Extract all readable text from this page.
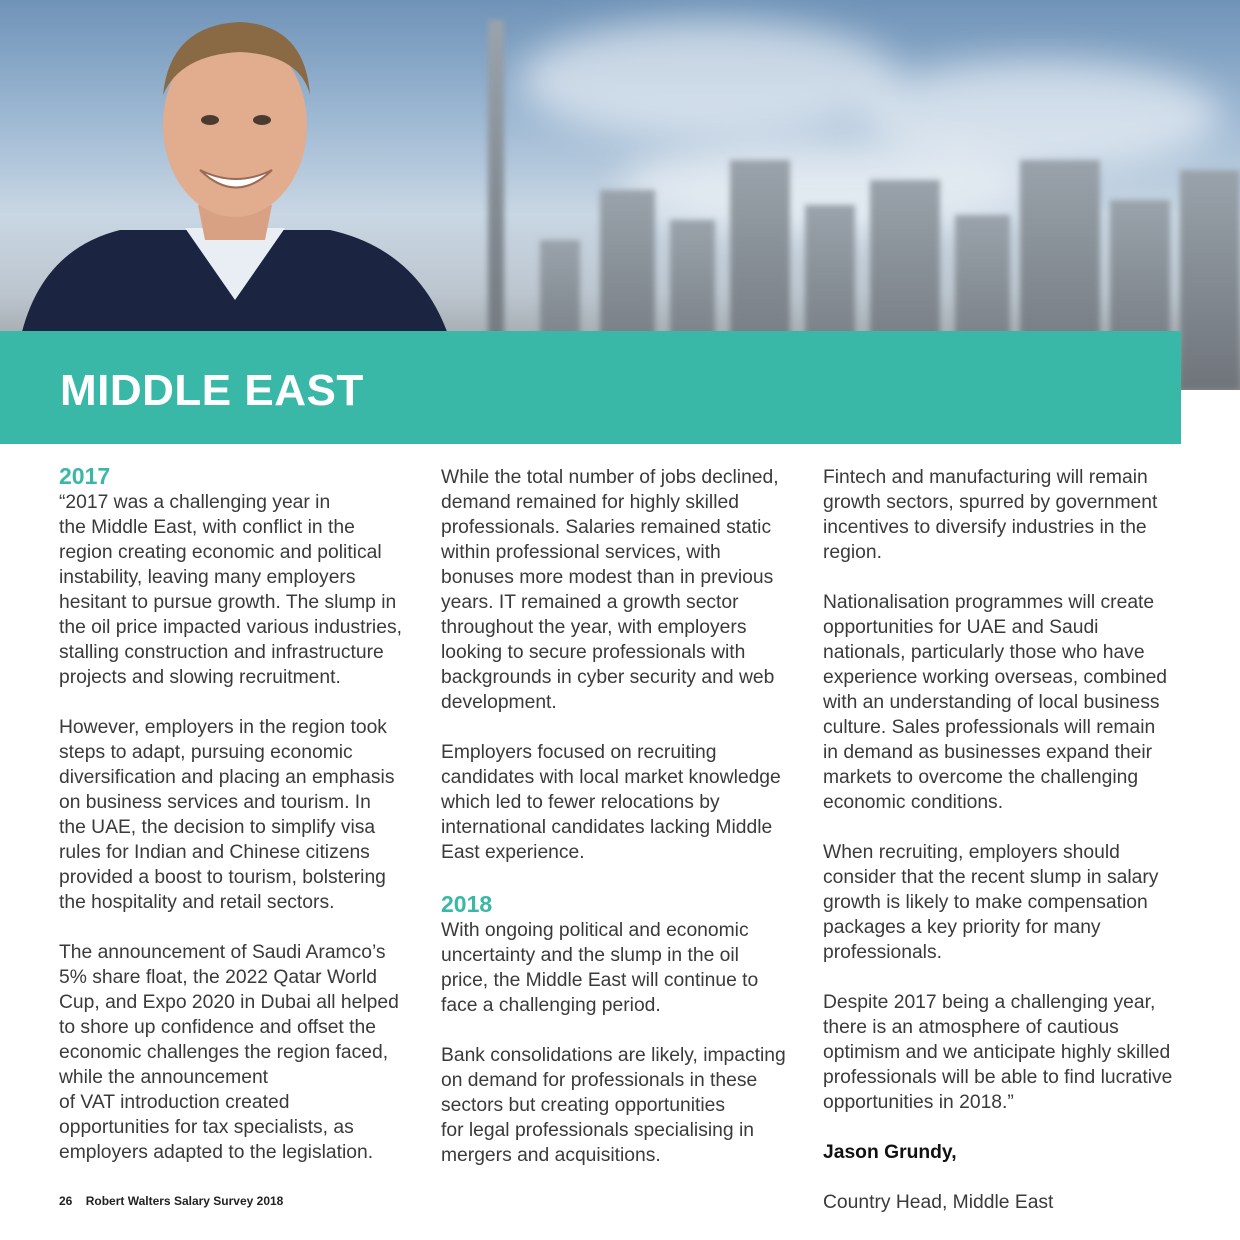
MIDDLE EAST
2017

“2017 was a challenging year in
the Middle East, with conflict in the
region creating economic and political
instability, leaving many employers
hesitant to pursue growth. The slump in
the oil price impacted various industries,
stalling construction and infrastructure
projects and slowing recruitment.

However, employers in the region took
steps to adapt, pursuing economic
diversification and placing an emphasis
on business services and tourism. In
the UAE, the decision to simplify visa
rules for Indian and Chinese citizens
provided a boost to tourism, bolstering
the hospitality and retail sectors.

The announcement of Saudi Aramco’s
5% share float, the 2022 Qatar World
Cup, and Expo 2020 in Dubai all helped
to shore up confidence and offset the
economic challenges the region faced,
while the announcement
of VAT introduction created
opportunities for tax specialists, as
employers adapted to the legislation.

While the total number of jobs declined,
demand remained for highly skilled
professionals. Salaries remained static
within professional services, with
bonuses more modest than in previous
years. IT remained a growth sector
throughout the year, with employers
looking to secure professionals with
backgrounds in cyber security and web
development.

Employers focused on recruiting
candidates with local market knowledge
which led to fewer relocations by
international candidates lacking Middle
East experience.

2018

With ongoing political and economic
uncertainty and the slump in the oil
price, the Middle East will continue to
face a challenging period.

Bank consolidations are likely, impacting
on demand for professionals in these
sectors but creating opportunities
for legal professionals specialising in
mergers and acquisitions.

Fintech and manufacturing will remain
growth sectors, spurred by government
incentives to diversify industries in the
region.

Nationalisation programmes will create
opportunities for UAE and Saudi
nationals, particularly those who have
experience working overseas, combined
with an understanding of local business
culture. Sales professionals will remain
in demand as businesses expand their
markets to overcome the challenging
economic conditions.

When recruiting, employers should
consider that the recent slump in salary
growth is likely to make compensation
packages a key priority for many
professionals.

Despite 2017 being a challenging year,
there is an atmosphere of cautious
optimism and we anticipate highly skilled
professionals will be able to find lucrative
opportunities in 2018.”

Jason Grundy,

Country Head, Middle East

26 Robert Walters Salary Survey 2018
